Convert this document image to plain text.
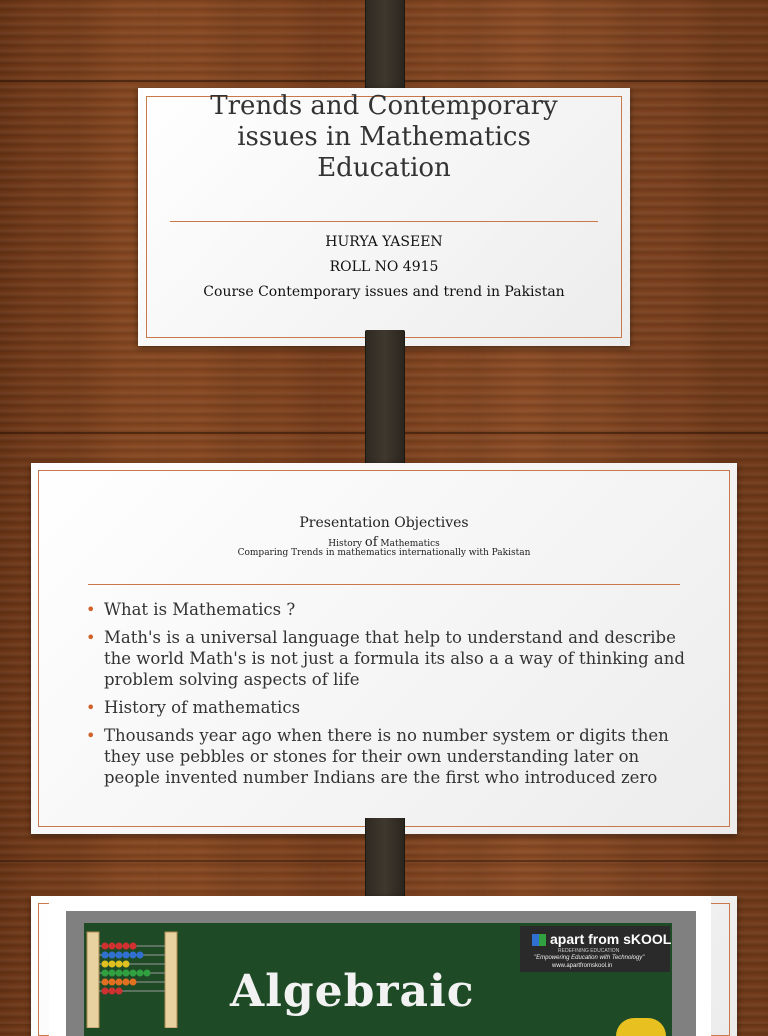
Trends and Contemporary
issues in Mathematics
Education
HURYA YASEEN
ROLL NO 4915
Course Contemporary issues and trend in Pakistan
Presentation Objectives
History of Mathematics
Comparing Trends in mathematics internationally with Pakistan
• What is Mathematics ?
• Math's is a universal language that help to understand and describe the world Math's is not just a formula its also a a way of thinking and problem solving aspects of life
• History of mathematics
• Thousands year ago when there is no number system or digits then they use pebbles or stones for their own understanding later on people invented number Indians are the first who introduced zero
Algebraic
apart from sKOOL
REDEFINING EDUCATION
"Empowering Education with Technology"
www.apartfromskool.in
